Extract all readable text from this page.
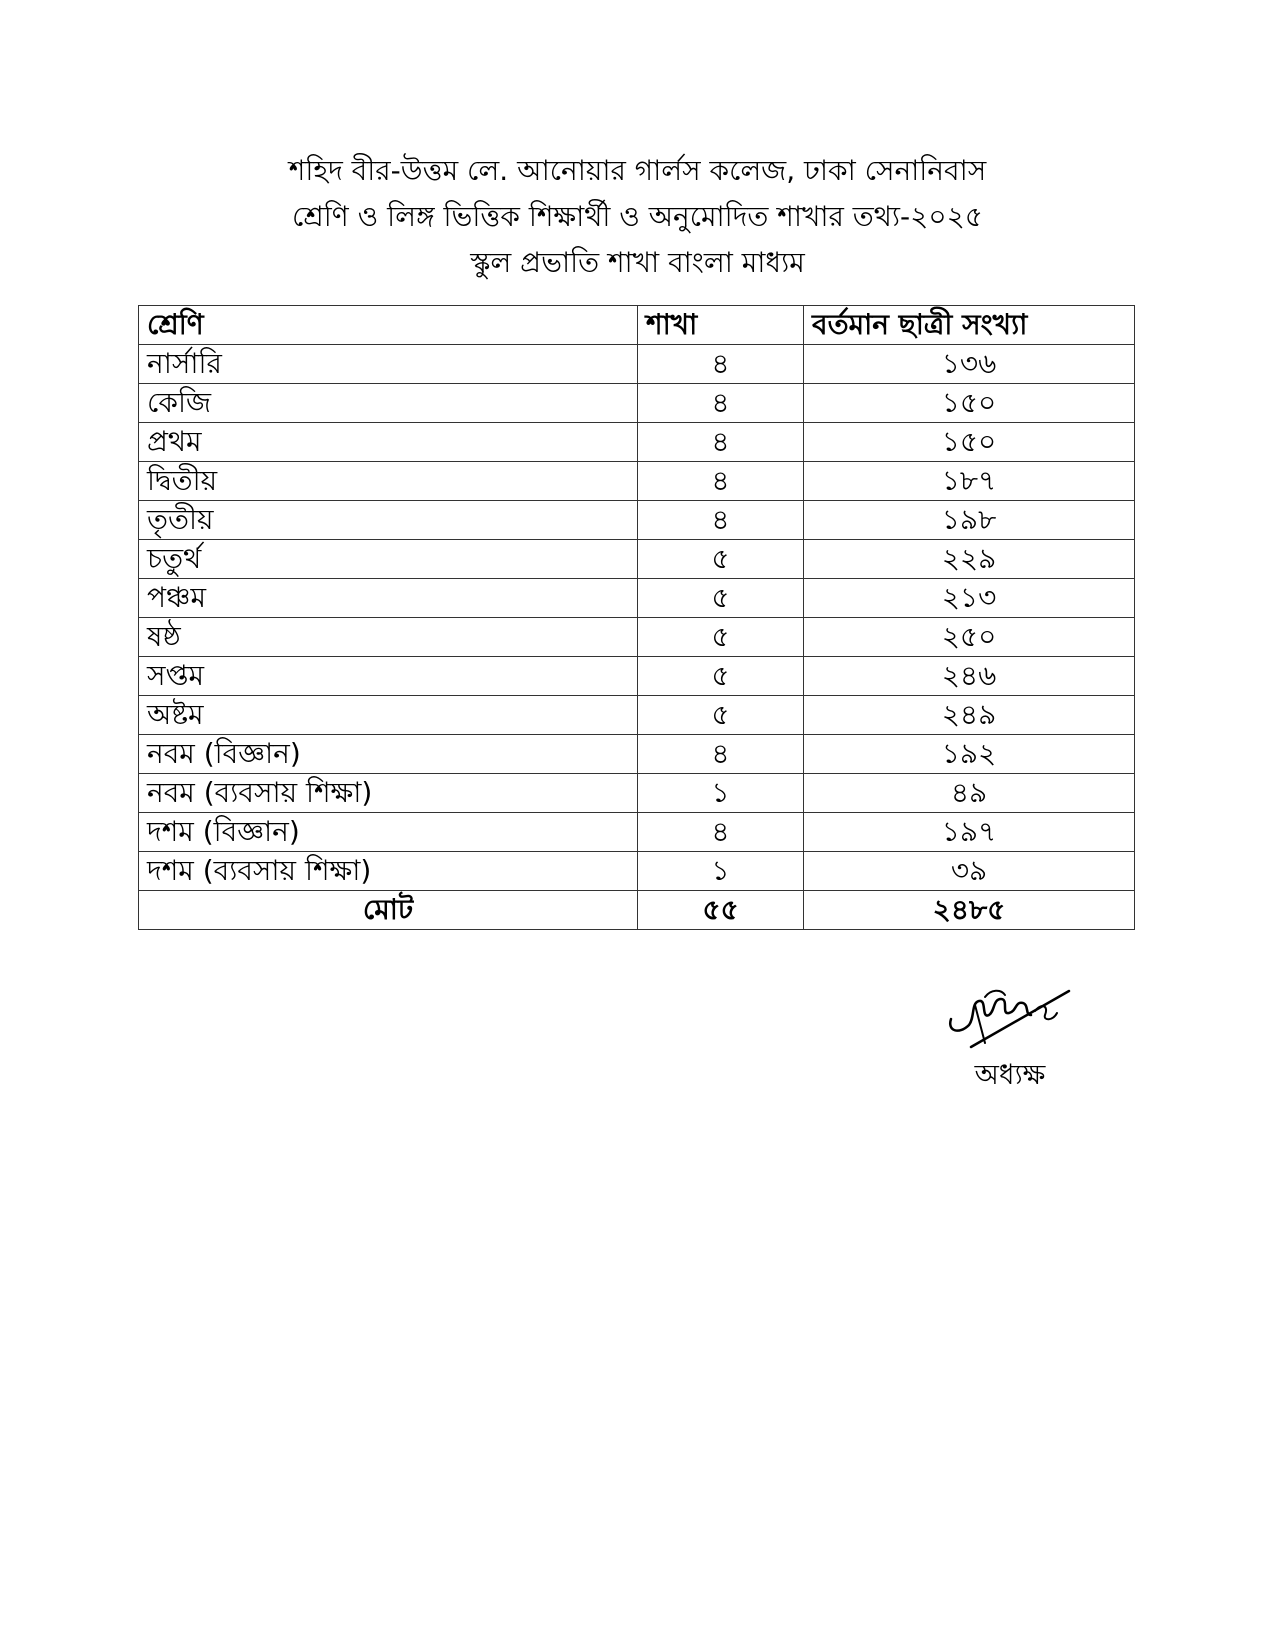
শহিদ বীর-উত্তম লে. আনোয়ার গার্লস কলেজ, ঢাকা সেনানিবাস
শ্রেণি ও লিঙ্গ ভিত্তিক শিক্ষার্থী ও অনুমোদিত শাখার তথ্য-২০২৫
স্কুল প্রভাতি শাখা বাংলা মাধ্যম
শ্রেণি	শাখা	বর্তমান ছাত্রী সংখ্যা
নার্সারি	৪	১৩৬
কেজি	৪	১৫০
প্রথম	৪	১৫০
দ্বিতীয়	৪	১৮৭
তৃতীয়	৪	১৯৮
চতুর্থ	৫	২২৯
পঞ্চম	৫	২১৩
ষষ্ঠ	৫	২৫০
সপ্তম	৫	২৪৬
অষ্টম	৫	২৪৯
নবম (বিজ্ঞান)	৪	১৯২
নবম (ব্যবসায় শিক্ষা)	১	৪৯
দশম (বিজ্ঞান)	৪	১৯৭
দশম (ব্যবসায় শিক্ষা)	১	৩৯
মোট	৫৫	২৪৮৫
অধ্যক্ষ
